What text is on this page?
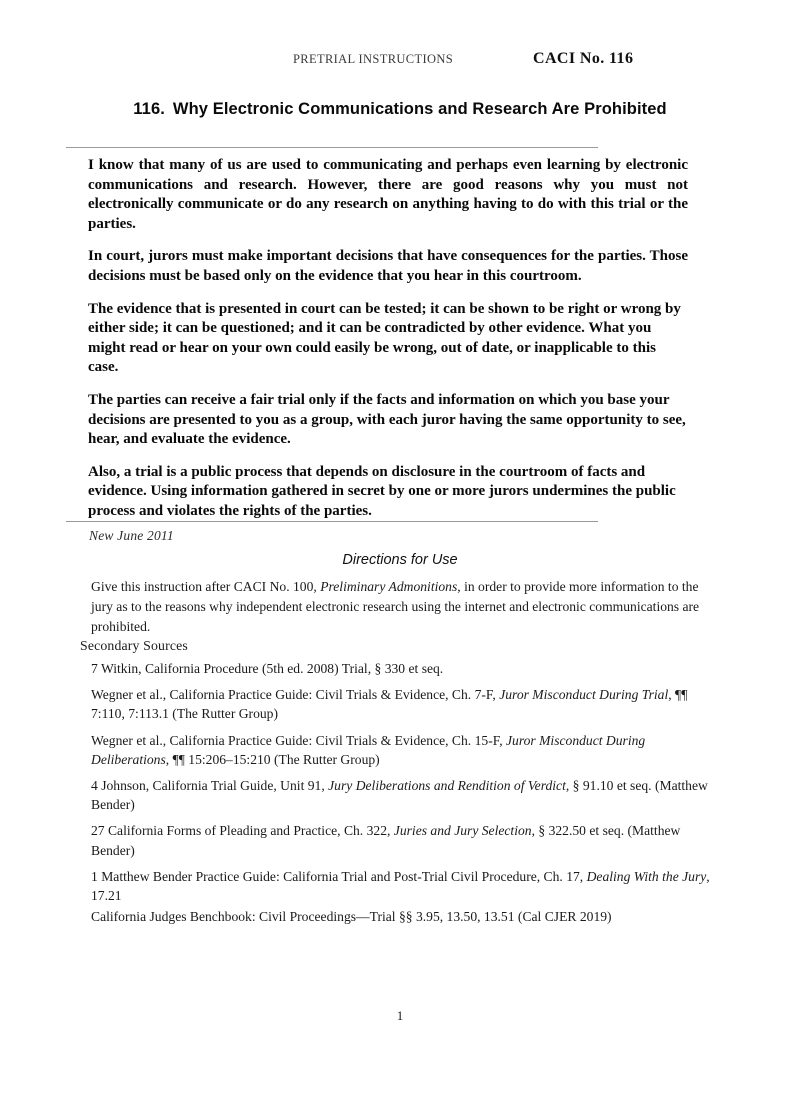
PRETRIAL INSTRUCTIONS	CACI No. 116
116. Why Electronic Communications and Research Are Prohibited

I know that many of us are used to communicating and perhaps even learning by electronic communications and research. However, there are good reasons why you must not electronically communicate or do any research on anything having to do with this trial or the parties.

In court, jurors must make important decisions that have consequences for the parties. Those decisions must be based only on the evidence that you hear in this courtroom.

The evidence that is presented in court can be tested; it can be shown to be right or wrong by either side; it can be questioned; and it can be contradicted by other evidence. What you might read or hear on your own could easily be wrong, out of date, or inapplicable to this case.

The parties can receive a fair trial only if the facts and information on which you base your decisions are presented to you as a group, with each juror having the same opportunity to see, hear, and evaluate the evidence.

Also, a trial is a public process that depends on disclosure in the courtroom of facts and evidence. Using information gathered in secret by one or more jurors undermines the public process and violates the rights of the parties.

New June 2011
Directions for Use

Give this instruction after CACI No. 100, Preliminary Admonitions, in order to provide more information to the jury as to the reasons why independent electronic research using the internet and electronic communications are prohibited.

Secondary Sources

7 Witkin, California Procedure (5th ed. 2008) Trial, § 330 et seq.

Wegner et al., California Practice Guide: Civil Trials & Evidence, Ch. 7-F, Juror Misconduct During Trial, ¶¶ 7:110, 7:113.1 (The Rutter Group)

Wegner et al., California Practice Guide: Civil Trials & Evidence, Ch. 15-F, Juror Misconduct During Deliberations, ¶¶ 15:206–15:210 (The Rutter Group)

4 Johnson, California Trial Guide, Unit 91, Jury Deliberations and Rendition of Verdict, § 91.10 et seq. (Matthew Bender)

27 California Forms of Pleading and Practice, Ch. 322, Juries and Jury Selection, § 322.50 et seq. (Matthew Bender)

1 Matthew Bender Practice Guide: California Trial and Post-Trial Civil Procedure, Ch. 17, Dealing With the Jury, 17.21

California Judges Benchbook: Civil Proceedings—Trial §§ 3.95, 13.50, 13.51 (Cal CJER 2019)

1
